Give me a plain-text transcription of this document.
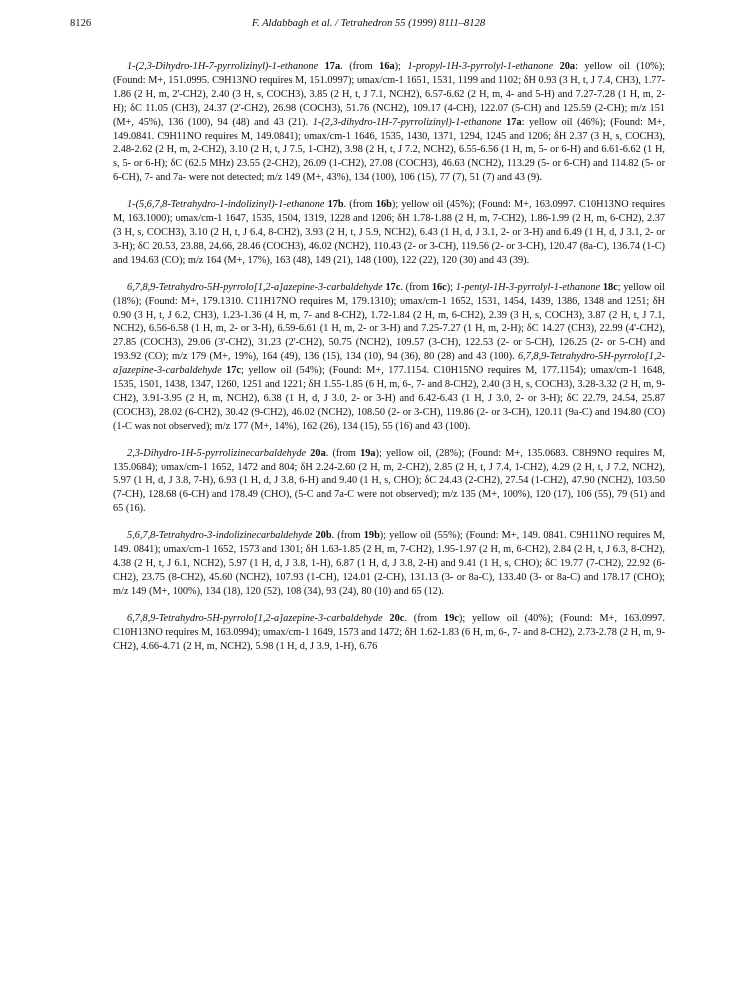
8126	F. Aldabbagh et al. / Tetrahedron 55 (1999) 8111–8128

1-(2,3-Dihydro-1H-7-pyrrolizinyl)-1-ethanone 17a. (from 16a); 1-propyl-1H-3-pyrrolyl-1-ethanone 20a: yellow oil (10%); (Found: M+, 151.0995. C9H13NO requires M, 151.0997); υmax/cm-1 1651, 1531, 1199 and 1102; δH 0.93 (3 H, t, J 7.4, CH3), 1.77-1.86 (2 H, m, 2'-CH2), 2.40 (3 H, s, COCH3), 3.85 (2 H, t, J 7.1, NCH2), 6.57-6.62 (2 H, m, 4- and 5-H) and 7.27-7.28 (1 H, m, 2-H); δC 11.05 (CH3), 24.37 (2'-CH2), 26.98 (COCH3), 51.76 (NCH2), 109.17 (4-CH), 122.07 (5-CH) and 125.59 (2-CH); m/z 151 (M+, 45%), 136 (100), 94 (48) and 43 (21). 1-(2,3-dihydro-1H-7-pyrrolizinyl)-1-ethanone 17a: yellow oil (46%); (Found: M+, 149.0841. C9H11NO requires M, 149.0841); υmax/cm-1 1646, 1535, 1430, 1371, 1294, 1245 and 1206; δH 2.37 (3 H, s, COCH3), 2.48-2.62 (2 H, m, 2-CH2), 3.10 (2 H, t, J 7.5, 1-CH2), 3.98 (2 H, t, J 7.2, NCH2), 6.55-6.56 (1 H, m, 5- or 6-H) and 6.61-6.62 (1 H, s, 5- or 6-H); δC (62.5 MHz) 23.55 (2-CH2), 26.09 (1-CH2), 27.08 (COCH3), 46.63 (NCH2), 113.29 (5- or 6-CH) and 114.82 (5- or 6-CH), 7- and 7a- were not detected; m/z 149 (M+, 43%), 134 (100), 106 (15), 77 (7), 51 (7) and 43 (9).

1-(5,6,7,8-Tetrahydro-1-indolizinyl)-1-ethanone 17b. (from 16b); yellow oil (45%); (Found: M+, 163.0997. C10H13NO requires M, 163.1000); υmax/cm-1 1647, 1535, 1504, 1319, 1228 and 1206; δH 1.78-1.88 (2 H, m, 7-CH2), 1.86-1.99 (2 H, m, 6-CH2), 2.37 (3 H, s, COCH3), 3.10 (2 H, t, J 6.4, 8-CH2), 3.93 (2 H, t, J 5.9, NCH2), 6.43 (1 H, d, J 3.1, 2- or 3-H) and 6.49 (1 H, d, J 3.1, 2- or 3-H); δC 20.53, 23.88, 24.66, 28.46 (COCH3), 46.02 (NCH2), 110.43 (2- or 3-CH), 119.56 (2- or 3-CH), 120.47 (8a-C), 136.74 (1-C) and 194.63 (CO); m/z 164 (M+, 17%), 163 (48), 149 (21), 148 (100), 122 (22), 120 (30) and 43 (39).

6,7,8,9-Tetrahydro-5H-pyrrolo[1,2-a]azepine-3-carbaldehyde 17c. (from 16c); 1-pentyl-1H-3-pyrrolyl-1-ethanone 18c; yellow oil (18%); (Found: M+, 179.1310. C11H17NO requires M, 179.1310); υmax/cm-1 1652, 1531, 1454, 1439, 1386, 1348 and 1251; δH 0.90 (3 H, t, J 6.2, CH3), 1.23-1.36 (4 H, m, 7- and 8-CH2), 1.72-1.84 (2 H, m, 6-CH2), 2.39 (3 H, s, COCH3), 3.87 (2 H, t, J 7.1, NCH2), 6.56-6.58 (1 H, m, 2- or 3-H), 6.59-6.61 (1 H, m, 2- or 3-H) and 7.25-7.27 (1 H, m, 2-H); δC 14.27 (CH3), 22.99 (4'-CH2), 27.85 (COCH3), 29.06 (3'-CH2), 31.23 (2'-CH2), 50.75 (NCH2), 109.57 (3-CH), 122.53 (2- or 5-CH), 126.25 (2- or 5-CH) and 193.92 (CO); m/z 179 (M+, 19%), 164 (49), 136 (15), 134 (10), 94 (36), 80 (28) and 43 (100). 6,7,8,9-Tetrahydro-5H-pyrrolo[1,2-a]azepine-3-carbaldehyde 17c; yellow oil (54%); (Found: M+, 177.1154. C10H15NO requires M, 177.1154); υmax/cm-1 1648, 1535, 1501, 1438, 1347, 1260, 1251 and 1221; δH 1.55-1.85 (6 H, m, 6-, 7- and 8-CH2), 2.40 (3 H, s, COCH3), 3.28-3.32 (2 H, m, 9-CH2), 3.91-3.95 (2 H, m, NCH2), 6.38 (1 H, d, J 3.0, 2- or 3-H) and 6.42-6.43 (1 H, J 3.0, 2- or 3-H); δC 22.79, 24.54, 25.87 (COCH3), 28.02 (6-CH2), 30.42 (9-CH2), 46.02 (NCH2), 108.50 (2- or 3-CH), 119.86 (2- or 3-CH), 120.11 (9a-C) and 194.80 (CO) (1-C was not observed); m/z 177 (M+, 14%), 162 (26), 134 (15), 55 (16) and 43 (100).

2,3-Dihydro-1H-5-pyrrolizinecarbaldehyde 20a. (from 19a); yellow oil, (28%); (Found: M+, 135.0683. C8H9NO requires M, 135.0684); υmax/cm-1 1652, 1472 and 804; δH 2.24-2.60 (2 H, m, 2-CH2), 2.85 (2 H, t, J 7.4, 1-CH2), 4.29 (2 H, t, J 7.2, NCH2), 5.97 (1 H, d, J 3.8, 7-H), 6.93 (1 H, d, J 3.8, 6-H) and 9.40 (1 H, s, CHO); δC 24.43 (2-CH2), 27.54 (1-CH2), 47.90 (NCH2), 103.50 (7-CH), 128.68 (6-CH) and 178.49 (CHO), (5-C and 7a-C were not observed); m/z 135 (M+, 100%), 120 (17), 106 (55), 79 (51) and 65 (16).

5,6,7,8-Tetrahydro-3-indolizinecarbaldehyde 20b. (from 19b); yellow oil (55%); (Found: M+, 149. 0841. C9H11NO requires M, 149. 0841); υmax/cm-1 1652, 1573 and 1301; δH 1.63-1.85 (2 H, m, 7-CH2), 1.95-1.97 (2 H, m, 6-CH2), 2.84 (2 H, t, J 6.3, 8-CH2), 4.38 (2 H, t, J 6.1, NCH2), 5.97 (1 H, d, J 3.8, 1-H), 6.87 (1 H, d, J 3.8, 2-H) and 9.41 (1 H, s, CHO); δC 19.77 (7-CH2), 22.92 (6-CH2), 23.75 (8-CH2), 45.60 (NCH2), 107.93 (1-CH), 124.01 (2-CH), 131.13 (3- or 8a-C), 133.40 (3- or 8a-C) and 178.17 (CHO); m/z 149 (M+, 100%), 134 (18), 120 (52), 108 (34), 93 (24), 80 (10) and 65 (12).

6,7,8,9-Tetrahydro-5H-pyrrolo[1,2-a]azepine-3-carbaldehyde 20c. (from 19c); yellow oil (40%); (Found: M+, 163.0997. C10H13NO requires M, 163.0994); υmax/cm-1 1649, 1573 and 1472; δH 1.62-1.83 (6 H, m, 6-, 7- and 8-CH2), 2.73-2.78 (2 H, m, 9-CH2), 4.66-4.71 (2 H, m, NCH2), 5.98 (1 H, d, J 3.9, 1-H), 6.76
